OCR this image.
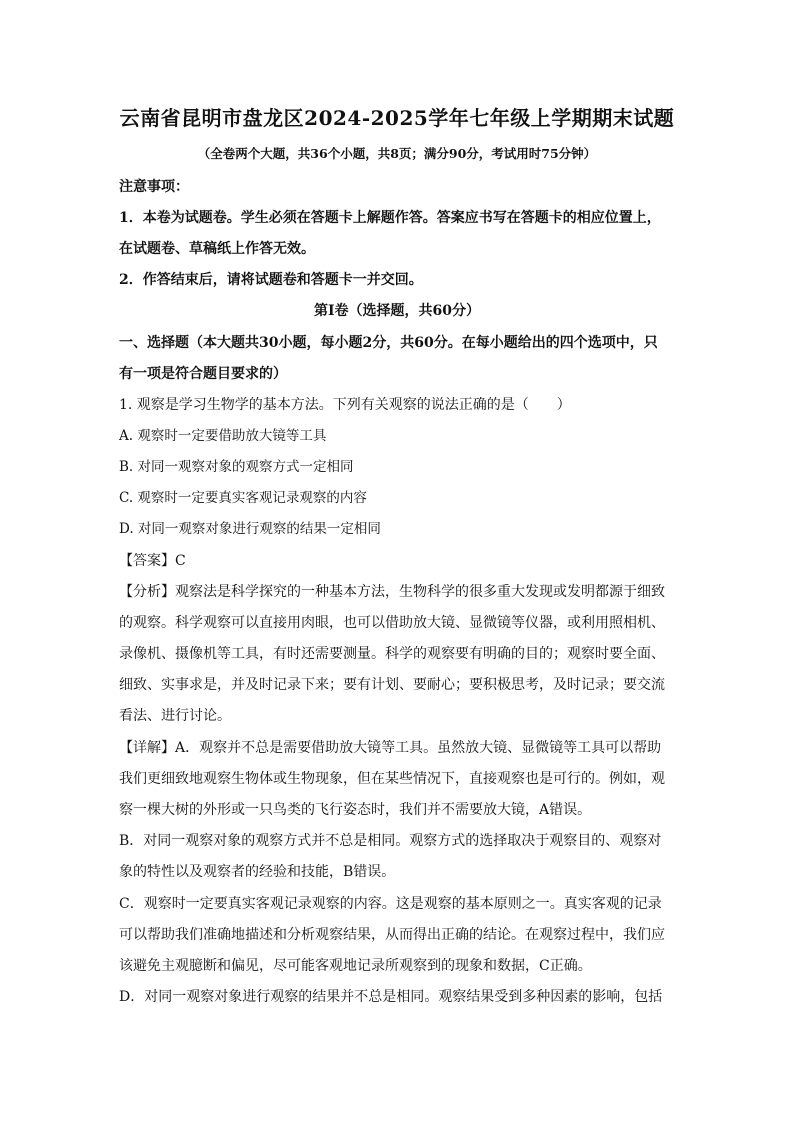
云南省昆明市盘龙区2024-2025学年七年级上学期期末试题
（全卷两个大题，共36个小题，共8页；满分90分，考试用时75分钟）
注意事项：
1．本卷为试题卷。学生必须在答题卡上解题作答。答案应书写在答题卡的相应位置上，
在试题卷、草稿纸上作答无效。
2．作答结束后，请将试题卷和答题卡一并交回。
第Ⅰ卷（选择题，共60分）
一、选择题（本大题共30小题，每小题2分，共60分。在每小题给出的四个选项中，只
有一项是符合题目要求的）
1. 观察是学习生物学的基本方法。下列有关观察的说法正确的是（　　）
A. 观察时一定要借助放大镜等工具
B. 对同一观察对象的观察方式一定相同
C. 观察时一定要真实客观记录观察的内容
D. 对同一观察对象进行观察的结果一定相同
【答案】C
【分析】观察法是科学探究的一种基本方法，生物科学的很多重大发现或发明都源于细致
的观察。科学观察可以直接用肉眼，也可以借助放大镜、显微镜等仪器，或利用照相机、
录像机、摄像机等工具，有时还需要测量。科学的观察要有明确的目的；观察时要全面、
细致、实事求是，并及时记录下来；要有计划、要耐心；要积极思考，及时记录；要交流
看法、进行讨论。
【详解】A．观察并不总是需要借助放大镜等工具。虽然放大镜、显微镜等工具可以帮助
我们更细致地观察生物体或生物现象，但在某些情况下，直接观察也是可行的。例如，观
察一棵大树的外形或一只鸟类的飞行姿态时，我们并不需要放大镜，A错误。
B．对同一观察对象的观察方式并不总是相同。观察方式的选择取决于观察目的、观察对
象的特性以及观察者的经验和技能，B错误。
C．观察时一定要真实客观记录观察的内容。这是观察的基本原则之一。真实客观的记录
可以帮助我们准确地描述和分析观察结果，从而得出正确的结论。在观察过程中，我们应
该避免主观臆断和偏见，尽可能客观地记录所观察到的现象和数据，C正确。
D．对同一观察对象进行观察的结果并不总是相同。观察结果受到多种因素的影响，包括
